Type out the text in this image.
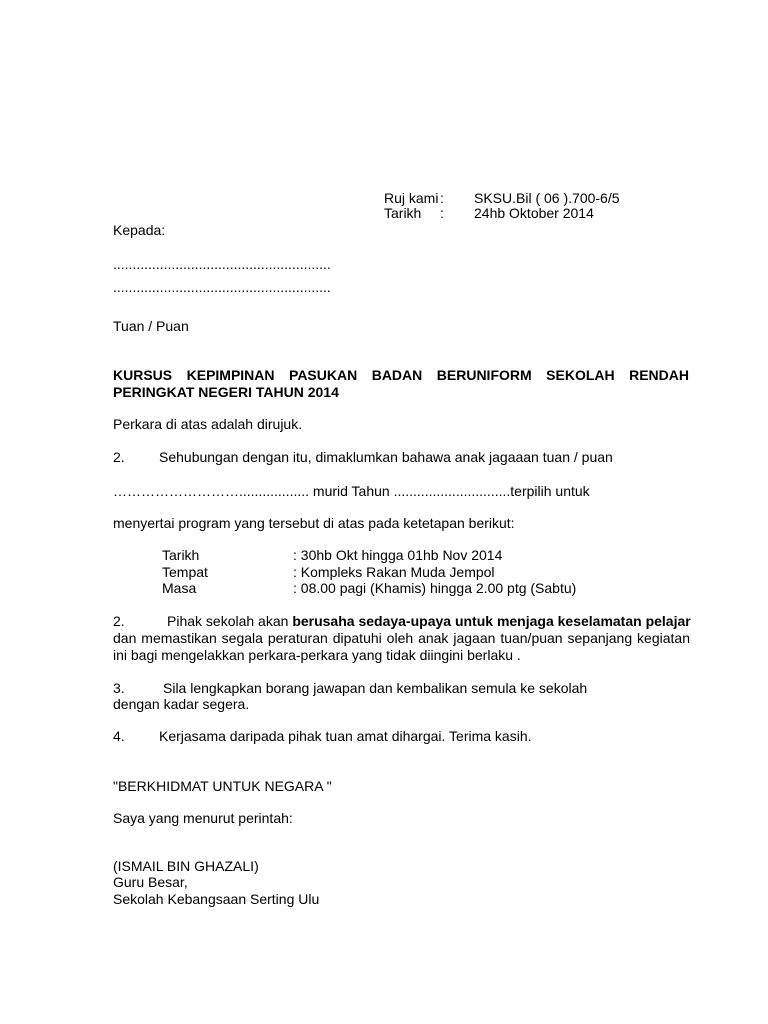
Ruj kami : SKSU.Bil ( 06 ).700-6/5
Tarikh : 24hb Oktober 2014
Kepada:
........................................................
........................................................
Tuan / Puan
KURSUS KEPIMPINAN PASUKAN BADAN BERUNIFORM SEKOLAH RENDAH
PERINGKAT NEGERI TAHUN 2014
Perkara di atas adalah dirujuk.
2. Sehubungan dengan itu, dimaklumkan bahawa anak jagaaan tuan / puan
……………………….................. murid Tahun ..............................terpilih untuk
menyertai program yang tersebut di atas pada ketetapan berikut:
Tarikh	: 30hb Okt hingga 01hb Nov 2014
Tempat	: Kompleks Rakan Muda Jempol
Masa	: 08.00 pagi (Khamis) hingga 2.00 ptg (Sabtu)
2.	Pihak sekolah akan berusaha sedaya-upaya untuk menjaga keselamatan pelajar
dan memastikan segala peraturan dipatuhi oleh anak jagaan tuan/puan sepanjang kegiatan ini bagi mengelakkan perkara-perkara yang tidak diingini berlaku .
3.	Sila lengkapkan borang jawapan dan kembalikan semula ke sekolah
dengan kadar segera.
4. Kerjasama daripada pihak tuan amat dihargai. Terima kasih.
"BERKHIDMAT UNTUK NEGARA "
Saya yang menurut perintah:
(ISMAIL BIN GHAZALI)
Guru Besar,
Sekolah Kebangsaan Serting Ulu
